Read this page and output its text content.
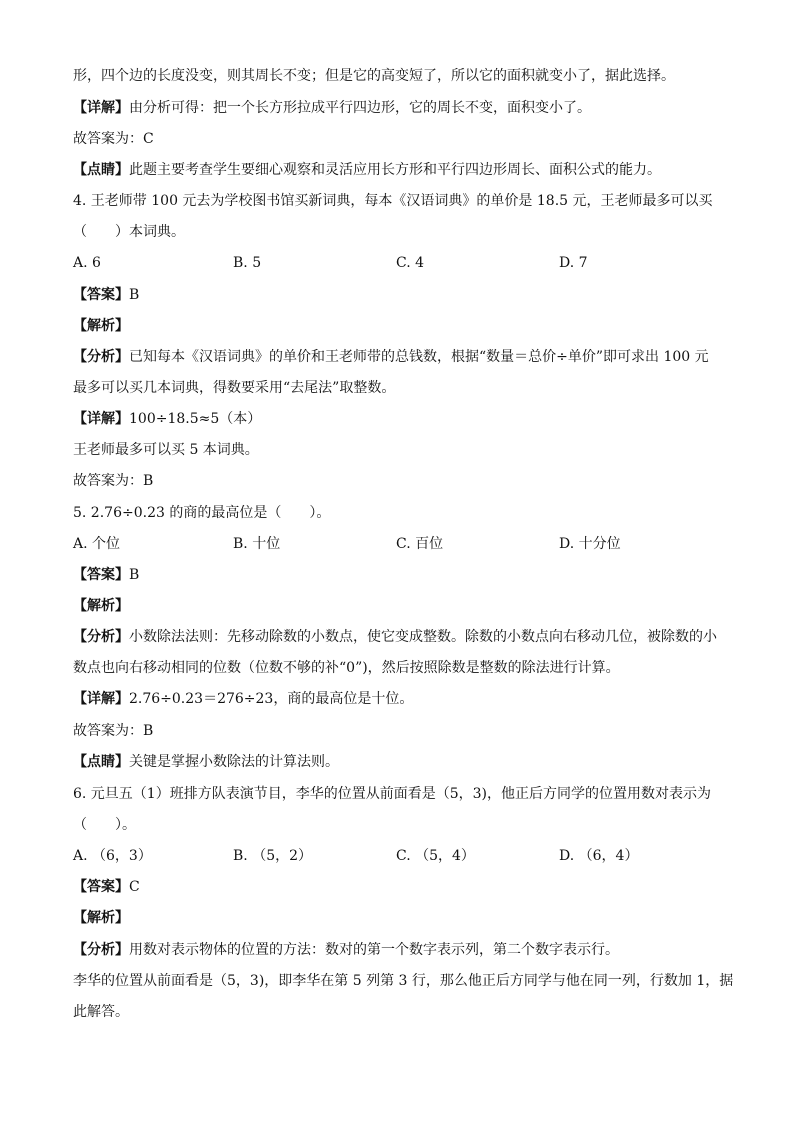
形，四个边的长度没变，则其周长不变；但是它的高变短了，所以它的面积就变小了，据此选择。
【详解】由分析可得：把一个长方形拉成平行四边形，它的周长不变，面积变小了。
故答案为：C
【点睛】此题主要考查学生要细心观察和灵活应用长方形和平行四边形周长、面积公式的能力。
4. 王老师带 100 元去为学校图书馆买新词典，每本《汉语词典》的单价是 18.5 元，王老师最多可以买
（　　）本词典。
A. 6	B. 5	C. 4	D. 7
【答案】B
【解析】
【分析】已知每本《汉语词典》的单价和王老师带的总钱数，根据“数量＝总价÷单价”即可求出 100 元
最多可以买几本词典，得数要采用“去尾法”取整数。
【详解】100÷18.5≈5（本）
王老师最多可以买 5 本词典。
故答案为：B
5. 2.76÷0.23 的商的最高位是（　　）。
A. 个位	B. 十位	C. 百位	D. 十分位
【答案】B
【解析】
【分析】小数除法法则：先移动除数的小数点，使它变成整数。除数的小数点向右移动几位，被除数的小
数点也向右移动相同的位数（位数不够的补“0”)，然后按照除数是整数的除法进行计算。
【详解】2.76÷0.23＝276÷23，商的最高位是十位。
故答案为：B
【点睛】关键是掌握小数除法的计算法则。
6. 元旦五（1）班排方队表演节目，李华的位置从前面看是（5，3)，他正后方同学的位置用数对表示为
（　　）。
A. （6，3）	B. （5，2）	C. （5，4）	D. （6，4）
【答案】C
【解析】
【分析】用数对表示物体的位置的方法：数对的第一个数字表示列，第二个数字表示行。
李华的位置从前面看是（5，3)，即李华在第 5 列第 3 行，那么他正后方同学与他在同一列，行数加 1，据
此解答。
